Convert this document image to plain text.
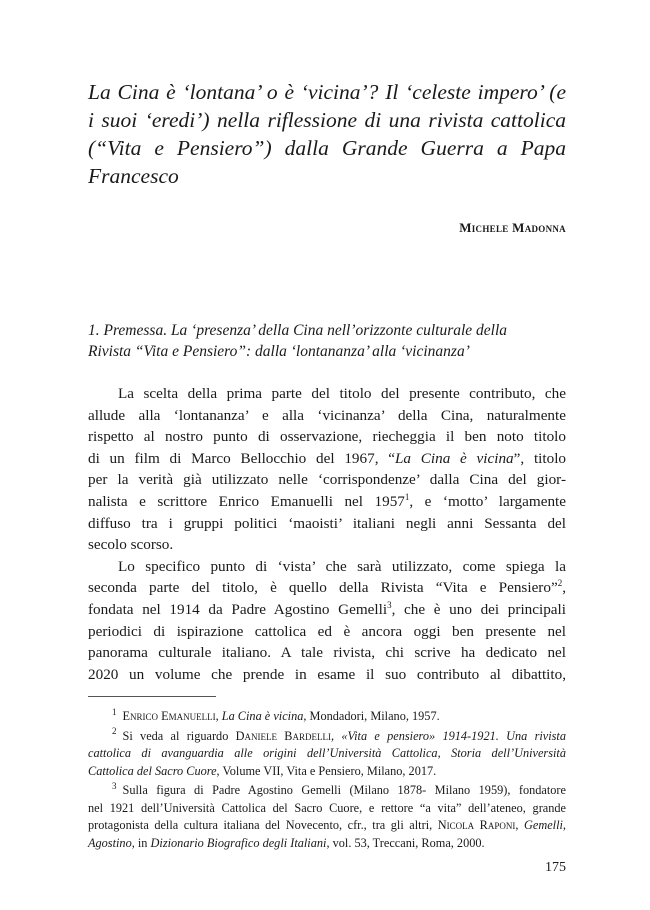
La Cina è ‘lontana’ o è ‘vicina’? Il ‘celeste impero’ (e
i suoi ‘eredi’) nella riflessione di una rivista cattolica
(“Vita e Pensiero”) dalla Grande Guerra a Papa
Francesco
Michele Madonna
1. Premessa. La ‘presenza’ della Cina nell’orizzonte culturale della
Rivista “Vita e Pensiero”: dalla ‘lontananza’ alla ‘vicinanza’
La scelta della prima parte del titolo del presente contributo, che
allude alla ‘lontananza’ e alla ‘vicinanza’ della Cina, naturalmente
rispetto al nostro punto di osservazione, riecheggia il ben noto titolo
di un film di Marco Bellocchio del 1967, “La Cina è vicina”, titolo
per la verità già utilizzato nelle ‘corrispondenze’ dalla Cina del gior-
nalista e scrittore Enrico Emanuelli nel 1957$^1$, e ‘motto’ largamente
diffuso tra i gruppi politici ‘maoisti’ italiani negli anni Sessanta del
secolo scorso.
Lo specifico punto di ‘vista’ che sarà utilizzato, come spiega la
seconda parte del titolo, è quello della Rivista “Vita e Pensiero”$^2$,
fondata nel 1914 da Padre Agostino Gemelli$^3$, che è uno dei principali
periodici di ispirazione cattolica ed è ancora oggi ben presente nel
panorama culturale italiano. A tale rivista, chi scrive ha dedicato nel
2020 un volume che prende in esame il suo contributo al dibattito,
$^1$ Enrico Emanuelli, La Cina è vicina, Mondadori, Milano, 1957.
$^2$ Si veda al riguardo Daniele Bardelli, «Vita e pensiero» 1914-1921. Una rivista
cattolica di avanguardia alle origini dell’Università Cattolica, Storia dell’Università
Cattolica del Sacro Cuore, Volume VII, Vita e Pensiero, Milano, 2017.
$^3$ Sulla figura di Padre Agostino Gemelli (Milano 1878- Milano 1959), fondatore
nel 1921 dell’Università Cattolica del Sacro Cuore, e rettore “a vita” dell’ateneo, grande
protagonista della cultura italiana del Novecento, cfr., tra gli altri, Nicola Raponi, Gemelli,
Agostino, in Dizionario Biografico degli Italiani, vol. 53, Treccani, Roma, 2000.
175
